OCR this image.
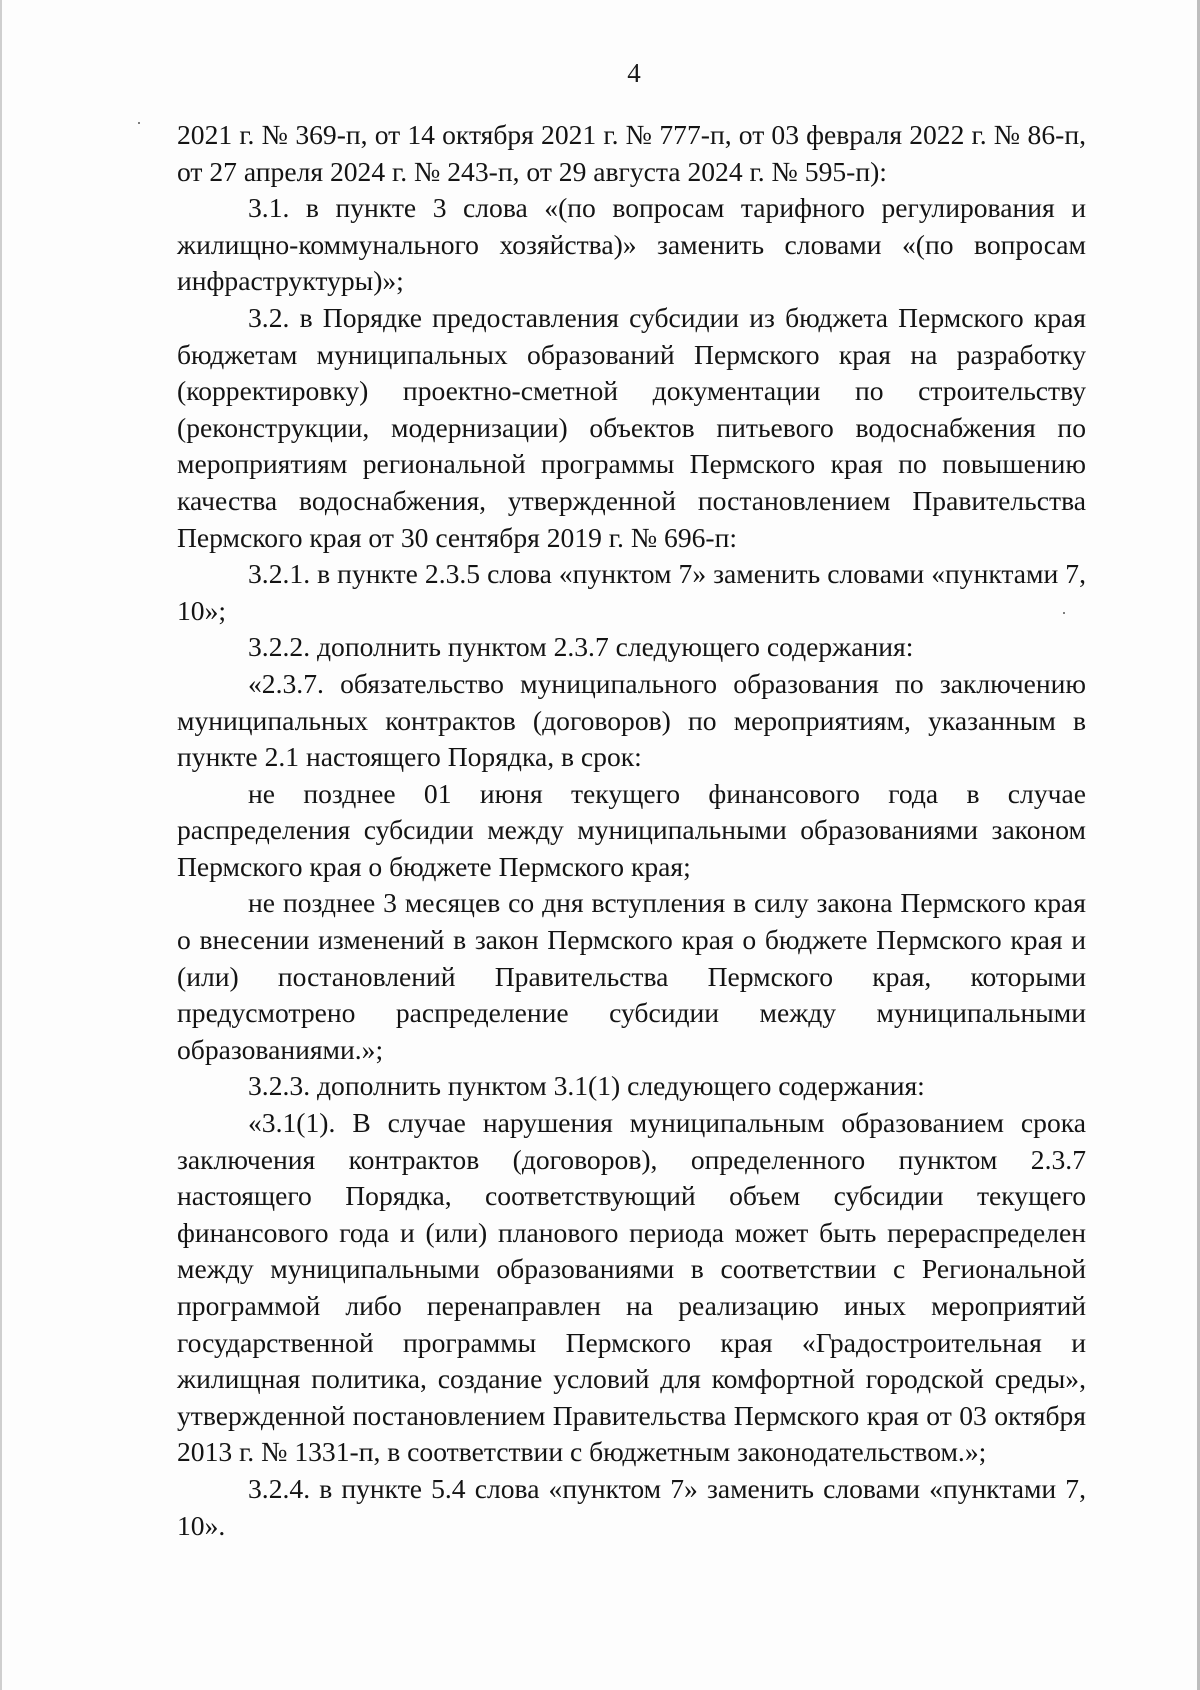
4

2021 г. № 369-п, от 14 октября 2021 г. № 777-п, от 03 февраля 2022 г. № 86-п, от 27 апреля 2024 г. № 243-п, от 29 августа 2024 г. № 595-п):

3.1. в пункте 3 слова «(по вопросам тарифного регулирования и жилищно-коммунального хозяйства)» заменить словами «(по вопросам инфраструктуры)»;

3.2. в Порядке предоставления субсидии из бюджета Пермского края бюджетам муниципальных образований Пермского края на разработку (корректировку) проектно-сметной документации по строительству (реконструкции, модернизации) объектов питьевого водоснабжения по мероприятиям региональной программы Пермского края по повышению качества водоснабжения, утвержденной постановлением Правительства Пермского края от 30 сентября 2019 г. № 696-п:

3.2.1. в пункте 2.3.5 слова «пунктом 7» заменить словами «пунктами 7, 10»;

3.2.2. дополнить пунктом 2.3.7 следующего содержания:

«2.3.7. обязательство муниципального образования по заключению муниципальных контрактов (договоров) по мероприятиям, указанным в пункте 2.1 настоящего Порядка, в срок:

не позднее 01 июня текущего финансового года в случае распределения субсидии между муниципальными образованиями законом Пермского края о бюджете Пермского края;

не позднее 3 месяцев со дня вступления в силу закона Пермского края о внесении изменений в закон Пермского края о бюджете Пермского края и (или) постановлений Правительства Пермского края, которыми предусмотрено распределение субсидии между муниципальными образованиями.»;

3.2.3. дополнить пунктом 3.1(1) следующего содержания:

«3.1(1). В случае нарушения муниципальным образованием срока заключения контрактов (договоров), определенного пунктом 2.3.7 настоящего Порядка, соответствующий объем субсидии текущего финансового года и (или) планового периода может быть перераспределен между муниципальными образованиями в соответствии с Региональной программой либо перенаправлен на реализацию иных мероприятий государственной программы Пермского края «Градостроительная и жилищная политика, создание условий для комфортной городской среды», утвержденной постановлением Правительства Пермского края от 03 октября 2013 г. № 1331-п, в соответствии с бюджетным законодательством.»;

3.2.4. в пункте 5.4 слова «пунктом 7» заменить словами «пунктами 7, 10».
